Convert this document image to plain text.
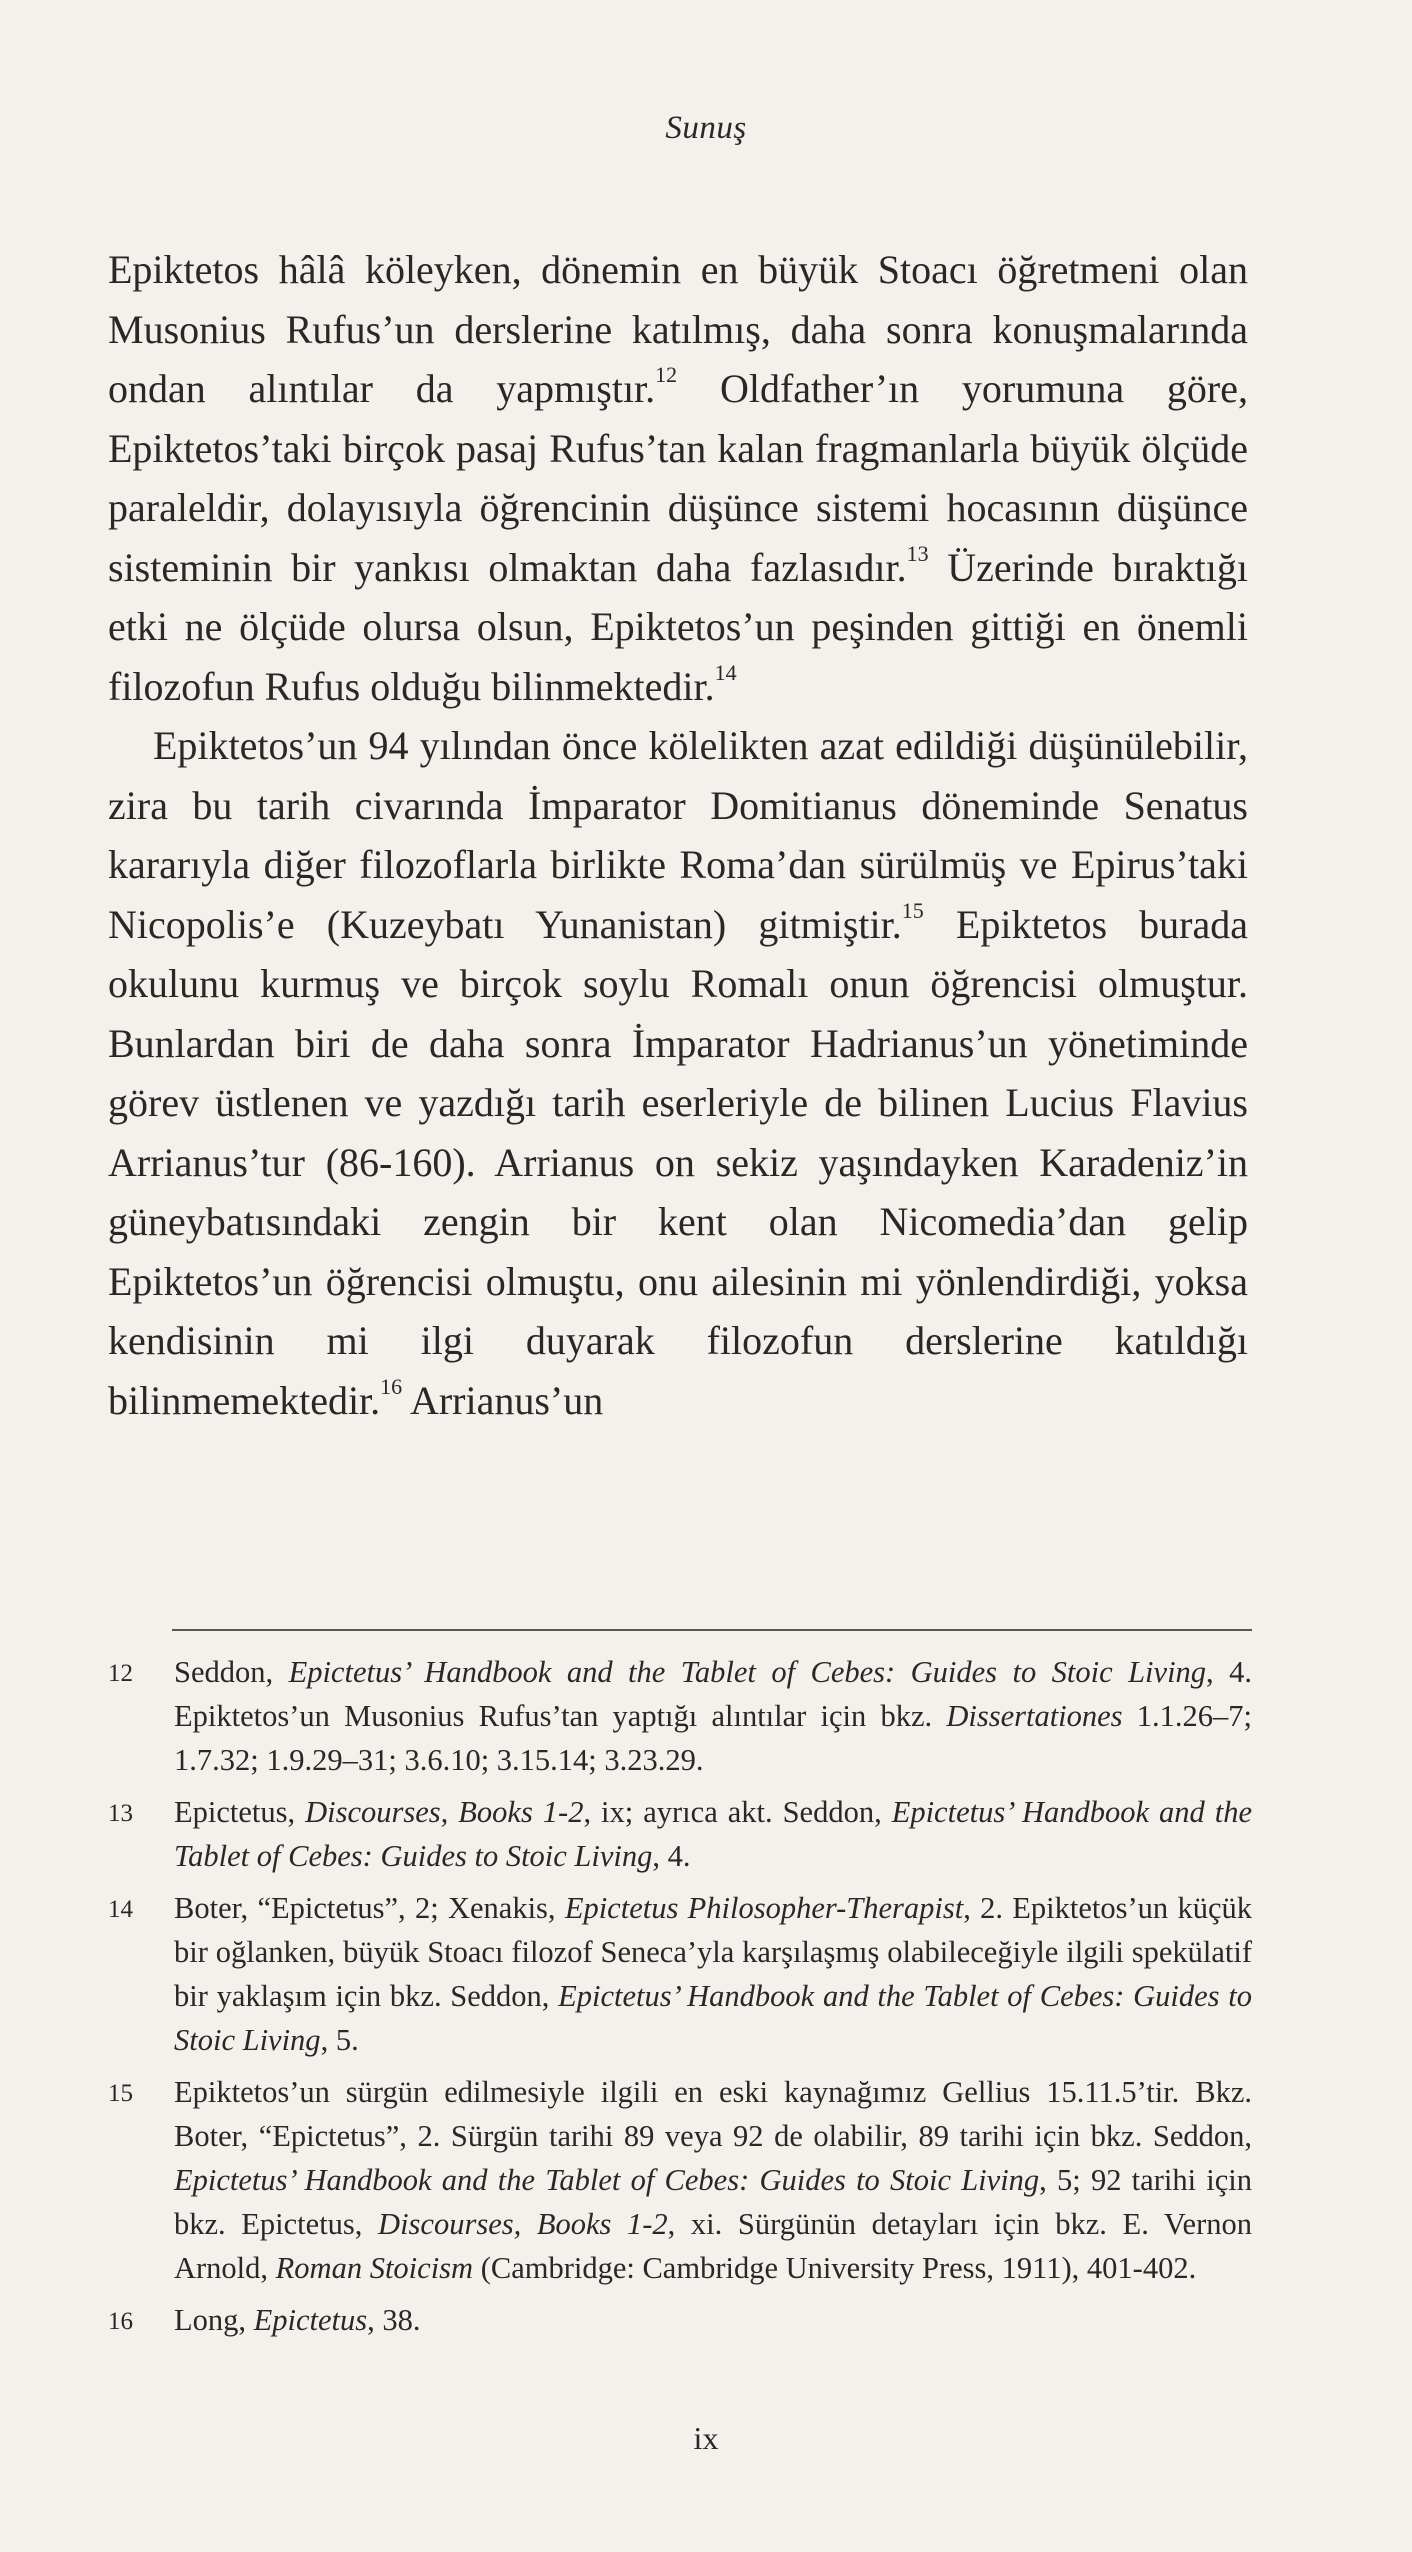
Sunuş

Epiktetos hâlâ köleyken, dönemin en büyük Stoacı öğretmeni olan Musonius Rufus’un derslerine katılmış, daha sonra konuşmalarında ondan alıntılar da yapmıştır.$^{12}$ Oldfather’ın yorumuna göre, Epiktetos’taki birçok pasaj Rufus’tan kalan fragmanlarla büyük ölçüde paraleldir, dolayısıyla öğrencinin düşünce sistemi hocasının düşünce sisteminin bir yankısı olmaktan daha fazlasıdır.$^{13}$ Üzerinde bıraktığı etki ne ölçüde olursa olsun, Epiktetos’un peşinden gittiği en önemli filozofun Rufus olduğu bilinmektedir.$^{14}$

Epiktetos’un 94 yılından önce kölelikten azat edildiği düşünülebilir, zira bu tarih civarında İmparator Domitianus döneminde Senatus kararıyla diğer filozoflarla birlikte Roma’dan sürülmüş ve Epirus’taki Nicopolis’e (Kuzeybatı Yunanistan) gitmiştir.$^{15}$ Epiktetos burada okulunu kurmuş ve birçok soylu Romalı onun öğrencisi olmuştur. Bunlardan biri de daha sonra İmparator Hadrianus’un yönetiminde görev üstlenen ve yazdığı tarih eserleriyle de bilinen Lucius Flavius Arrianus’tur (86-160). Arrianus on sekiz yaşındayken Karadeniz’in güneybatısındaki zengin bir kent olan Nicomedia’dan gelip Epiktetos’un öğrencisi olmuştu, onu ailesinin mi yönlendirdiği, yoksa kendisinin mi ilgi duyarak filozofun derslerine katıldığı bilinmemektedir.$^{16}$ Arrianus’un

12	Seddon, Epictetus’ Handbook and the Tablet of Cebes: Guides to Stoic Living, 4. Epiktetos’un Musonius Rufus’tan yaptığı alıntılar için bkz. Dissertationes 1.1.26–7; 1.7.32; 1.9.29–31; 3.6.10; 3.15.14; 3.23.29.
13	Epictetus, Discourses, Books 1-2, ix; ayrıca akt. Seddon, Epictetus’ Handbook and the Tablet of Cebes: Guides to Stoic Living, 4.
14	Boter, “Epictetus”, 2; Xenakis, Epictetus Philosopher-Therapist, 2. Epiktetos’un küçük bir oğlanken, büyük Stoacı filozof Seneca’yla karşılaşmış olabileceğiyle ilgili spekülatif bir yaklaşım için bkz. Seddon, Epictetus’ Handbook and the Tablet of Cebes: Guides to Stoic Living, 5.
15	Epiktetos’un sürgün edilmesiyle ilgili en eski kaynağımız Gellius 15.11.5’tir. Bkz. Boter, “Epictetus”, 2. Sürgün tarihi 89 veya 92 de olabilir, 89 tarihi için bkz. Seddon, Epictetus’ Handbook and the Tablet of Cebes: Guides to Stoic Living, 5; 92 tarihi için bkz. Epictetus, Discourses, Books 1-2, xi. Sürgünün detayları için bkz. E. Vernon Arnold, Roman Stoicism (Cambridge: Cambridge University Press, 1911), 401-402.
16	Long, Epictetus, 38.
ix
